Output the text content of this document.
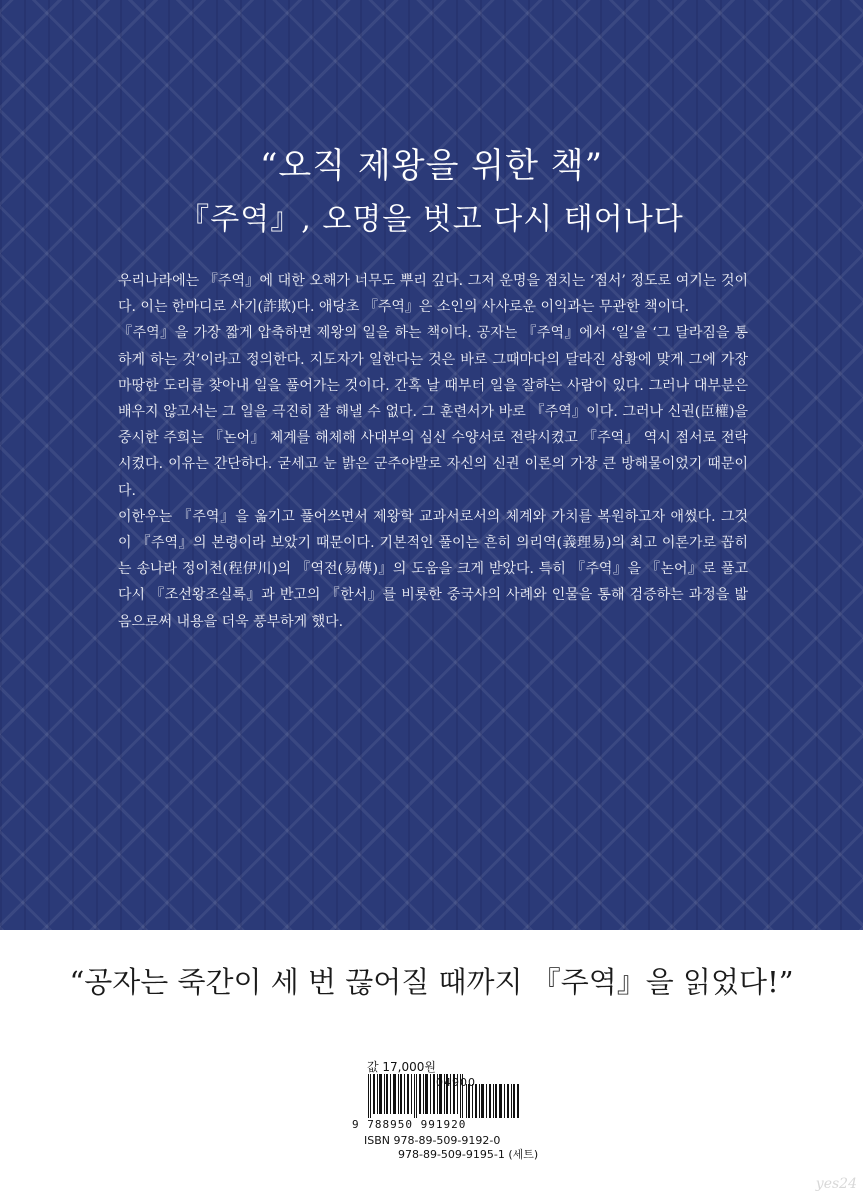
“오직 제왕을 위한 책”
『주역』, 오명을 벗고 다시 태어나다

우리나라에는 『주역』에 대한 오해가 너무도 뿌리 깊다. 그저 운명을 점치는 ‘점서’ 정도로 여기는 것이다. 이는 한마디로 사기(詐欺)다. 애당초 『주역』은 소인의 사사로운 이익과는 무관한 책이다.

『주역』을 가장 짧게 압축하면 제왕의 일을 하는 책이다. 공자는 『주역』에서 ‘일’을 ‘그 달라짐을 통하게 하는 것’이라고 정의한다. 지도자가 일한다는 것은 바로 그때마다의 달라진 상황에 맞게 그에 가장 마땅한 도리를 찾아내 일을 풀어가는 것이다. 간혹 날 때부터 일을 잘하는 사람이 있다. 그러나 대부분은 배우지 않고서는 그 일을 극진히 잘 해낼 수 없다. 그 훈련서가 바로 『주역』이다. 그러나 신권(臣權)을 중시한 주희는 『논어』 체계를 해체해 사대부의 심신 수양서로 전락시켰고 『주역』 역시 점서로 전락시켰다. 이유는 간단하다. 굳세고 눈 밝은 군주야말로 자신의 신권 이론의 가장 큰 방해물이었기 때문이다.

이한우는 『주역』을 옮기고 풀어쓰면서 제왕학 교과서로서의 체계와 가치를 복원하고자 애썼다. 그것이 『주역』의 본령이라 보았기 때문이다. 기본적인 풀이는 흔히 의리역(義理易)의 최고 이론가로 꼽히는 송나라 정이천(程伊川)의 『역전(易傳)』의 도움을 크게 받았다. 특히 『주역』을 『논어』로 풀고 다시 『조선왕조실록』과 반고의 『한서』를 비롯한 중국사의 사례와 인물을 통해 검증하는 과정을 밟음으로써 내용을 더욱 풍부하게 했다.

“공자는 죽간이 세 번 끊어질 때까지 『주역』을 읽었다!”

값 17,000원

04900
9 788950 991920
ISBN 978-89-509-9192-0
978-89-509-9195-1 (세트)
yes24
